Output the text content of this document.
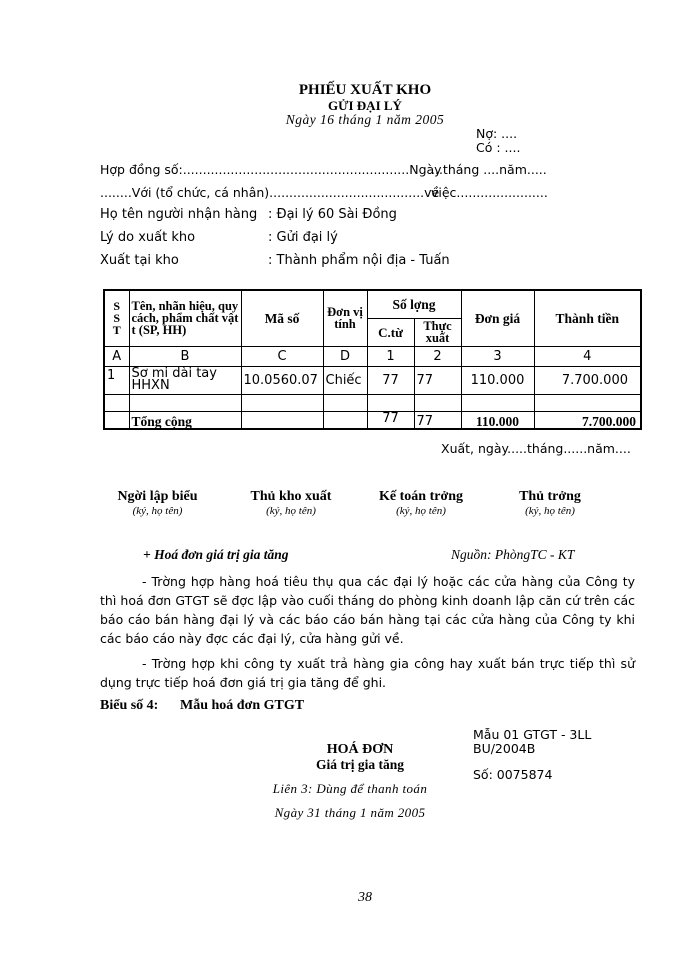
PHIẾU XUẤT KHO
GỬI ĐẠI LÝ
Ngày 16 tháng 1 năm 2005
Nợ: ....
Có : ....
Hợp đồng số:.........................................................Ngày
...tháng ....năm.....
........Với (tổ chức, cá nhân).......................................về
việc.......................
Họ tên người nhận hàng : Đại lý 60 Sài Đồng
Lý do xuất kho	: Gửi đại lý
Xuất tại kho	: Thành phẩm nội địa - Tuấn
S S T	Tên, nhãn hiệu, quy cách, phẩm chất vật t (SP, HH)	Mã số	Đơn vị tính	Số lợng		Đơn giá	Thành tiền
				C.từ	Thực xuất		
A	B	C	D	1	2	3	4
1	Sơ mi dài tay HHXN	10.0560.07	Chiếc	77	77	110.000	7.700.000

	Tổng cộng			77	77	110.000	7.700.000
Xuất, ngày.....tháng......năm....
Ngời lập biểu
(ký, họ tên)
Thủ kho xuất
(ký, họ tên)
Kế toán trởng
(ký, họ tên)
Thủ trởng
(ký, họ tên)
+ Hoá đơn giá trị gia tăng	Nguồn: PhòngTC - KT

- Trờng hợp hàng hoá tiêu thụ qua các đại lý hoặc các cửa hàng của Công ty thì hoá đơn GTGT sẽ đợc lập vào cuối tháng do phòng kinh doanh lập căn cứ trên các báo cáo bán hàng đại lý và các báo cáo bán hàng tại các cửa hàng của Công ty khi các báo cáo này đợc các đại lý, cửa hàng gửi về.

- Trờng hợp khi công ty xuất trả hàng gia công hay xuất bán trực tiếp thì sử dụng trực tiếp hoá đơn giá trị gia tăng để ghi.

Biểu số 4: Mẫu hoá đơn GTGT
Mẫu 01 GTGT - 3LL
BU/2004B
Số: 0075874
HOÁ ĐƠN
Giá trị gia tăng
Liên 3: Dùng để thanh toán
Ngày 31 tháng 1 năm 2005
38
